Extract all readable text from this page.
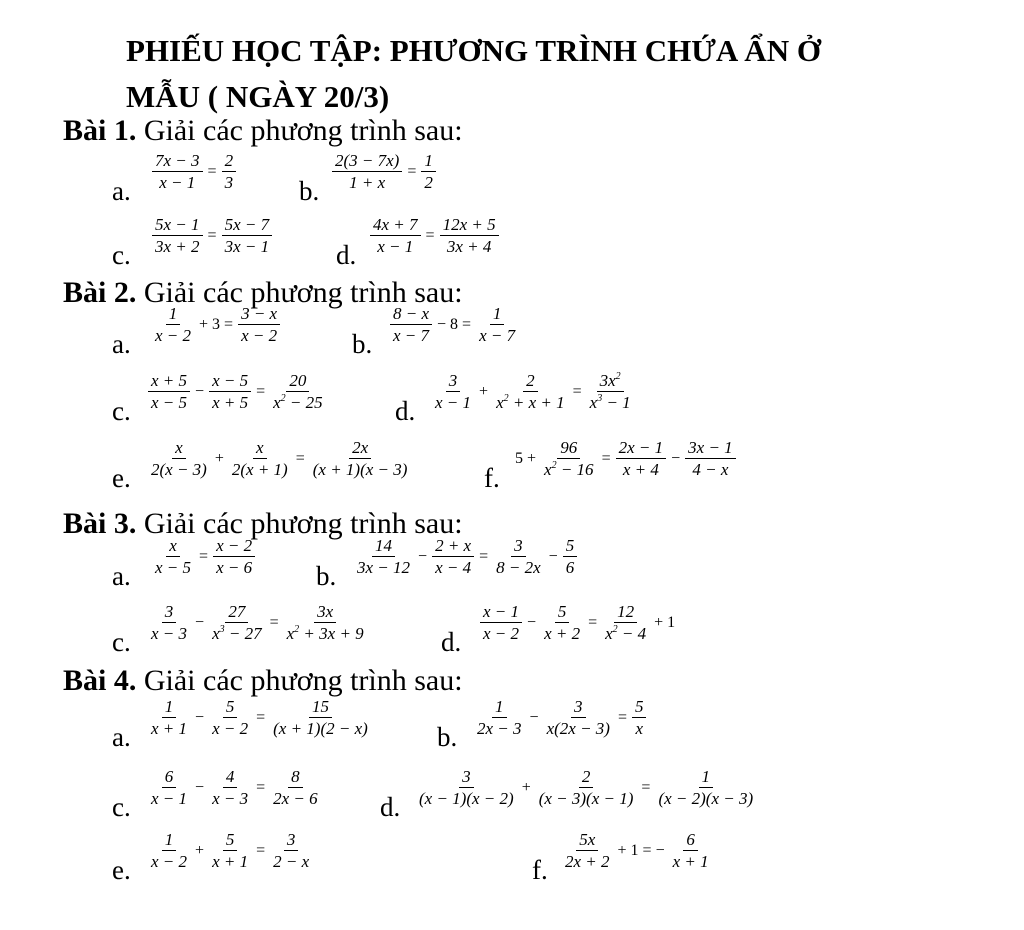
PHIẾU HỌC TẬP: PHƯƠNG TRÌNH CHỨA ẨN Ở
MẪU ( NGÀY 20/3)
Bài 1. Giải các phương trình sau:
a. $\frac{7x - 3}{x - 1} = \frac{2}{3} b$. $\frac{2(3 - 7x)}{1 + x} = \frac{1}{2}$
c. $\frac{5x - 1}{3x + 2} = \frac{5x - 7}{3x - 1} d$. $\frac{4x + 7}{x - 1} = \frac{12x + 5}{3x + 4}$
Bài 2. Giải các phương trình sau:
a. $\frac{1}{x - 2} + 3 = \frac{3 - x}{x - 2}$	b. $\frac{8 - x}{x - 7} - 8 = \frac{1}{x - 7}$
c. $\frac{x + 5}{x - 5} - \frac{x - 5}{x + 5} = \frac{20}{x^2 - 25}$	d. $\frac{3}{x - 1} + \frac{2}{x^2 + x + 1} = \frac{3x^2}{x^3 - 1}$
e. $\frac{x}{2(x - 3)} + \frac{x}{2(x + 1)} = \frac{2x}{(x + 1)(x - 3)}$	f.
$5 + \frac{96}{x^2 - 16} = \frac{2x - 1}{x + 4} - \frac{3x - 1}{4 - x}$
Bài 3. Giải các phương trình sau:
a. $\frac{x}{x - 5} = \frac{x - 2}{x - 6} b$. $\frac{14}{3x - 12} - \frac{2 + x}{x - 4} = \frac{3}{8 - 2x} - \frac{5}{6}$
c. $\frac{3}{x - 3} - \frac{27}{x^3 - 27} = \frac{3x}{x^2 + 3x + 9}$	d. $\frac{x - 1}{x - 2} - \frac{5}{x + 2} = \frac{12}{x^2 - 4} + 1$
Bài 4. Giải các phương trình sau:
a. $\frac{1}{x + 1} - \frac{5}{x - 2} = \frac{15}{(x + 1)(2 - x)} b$. $\frac{1}{2x - 3} - \frac{3}{x(2x - 3)} = \frac{5}{x}$
c. $\frac{6}{x - 1} - \frac{4}{x - 3} = \frac{8}{2x - 6} d$. $\frac{3}{(x - 1)(x - 2)} + \frac{2}{(x - 3)(x - 1)} = \frac{1}{(x - 2)(x - 3)}$
e. $\frac{1}{x - 2} + \frac{5}{x + 1} = \frac{3}{2 - x}$	f. $\frac{5x}{2x + 2} + 1$ = − $\frac{6}{x + 1}$
